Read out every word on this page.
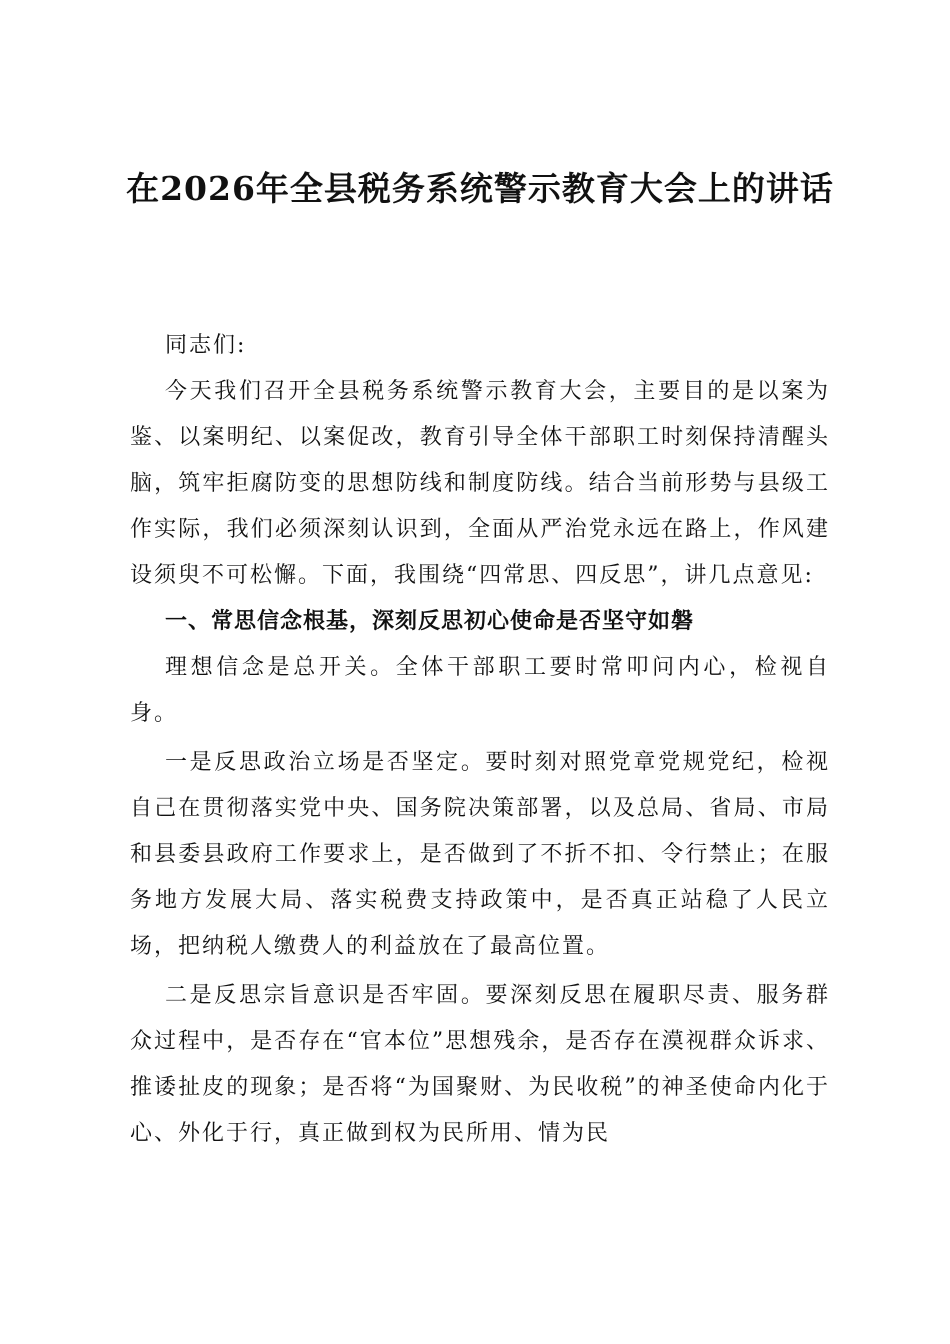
在2026年全县税务系统警示教育大会上的讲话

同志们:

今天我们召开全县税务系统警示教育大会，主要目的是以案为鉴、以案明纪、以案促改，教育引导全体干部职工时刻保持清醒头脑，筑牢拒腐防变的思想防线和制度防线。结合当前形势与县级工作实际，我们必须深刻认识到，全面从严治党永远在路上，作风建设须臾不可松懈。下面，我围绕“四常思、四反思”，讲几点意见:

一、常思信念根基，深刻反思初心使命是否坚守如磐

理想信念是总开关。全体干部职工要时常叩问内心，检视自身。

一是反思政治立场是否坚定。要时刻对照党章党规党纪，检视自己在贯彻落实党中央、国务院决策部署，以及总局、省局、市局和县委县政府工作要求上，是否做到了不折不扣、令行禁止；在服务地方发展大局、落实税费支持政策中，是否真正站稳了人民立场，把纳税人缴费人的利益放在了最高位置。

二是反思宗旨意识是否牢固。要深刻反思在履职尽责、服务群众过程中，是否存在“官本位”思想残余，是否存在漠视群众诉求、推诿扯皮的现象；是否将“为国聚财、为民收税”的神圣使命内化于心、外化于行，真正做到权为民所用、情为民
